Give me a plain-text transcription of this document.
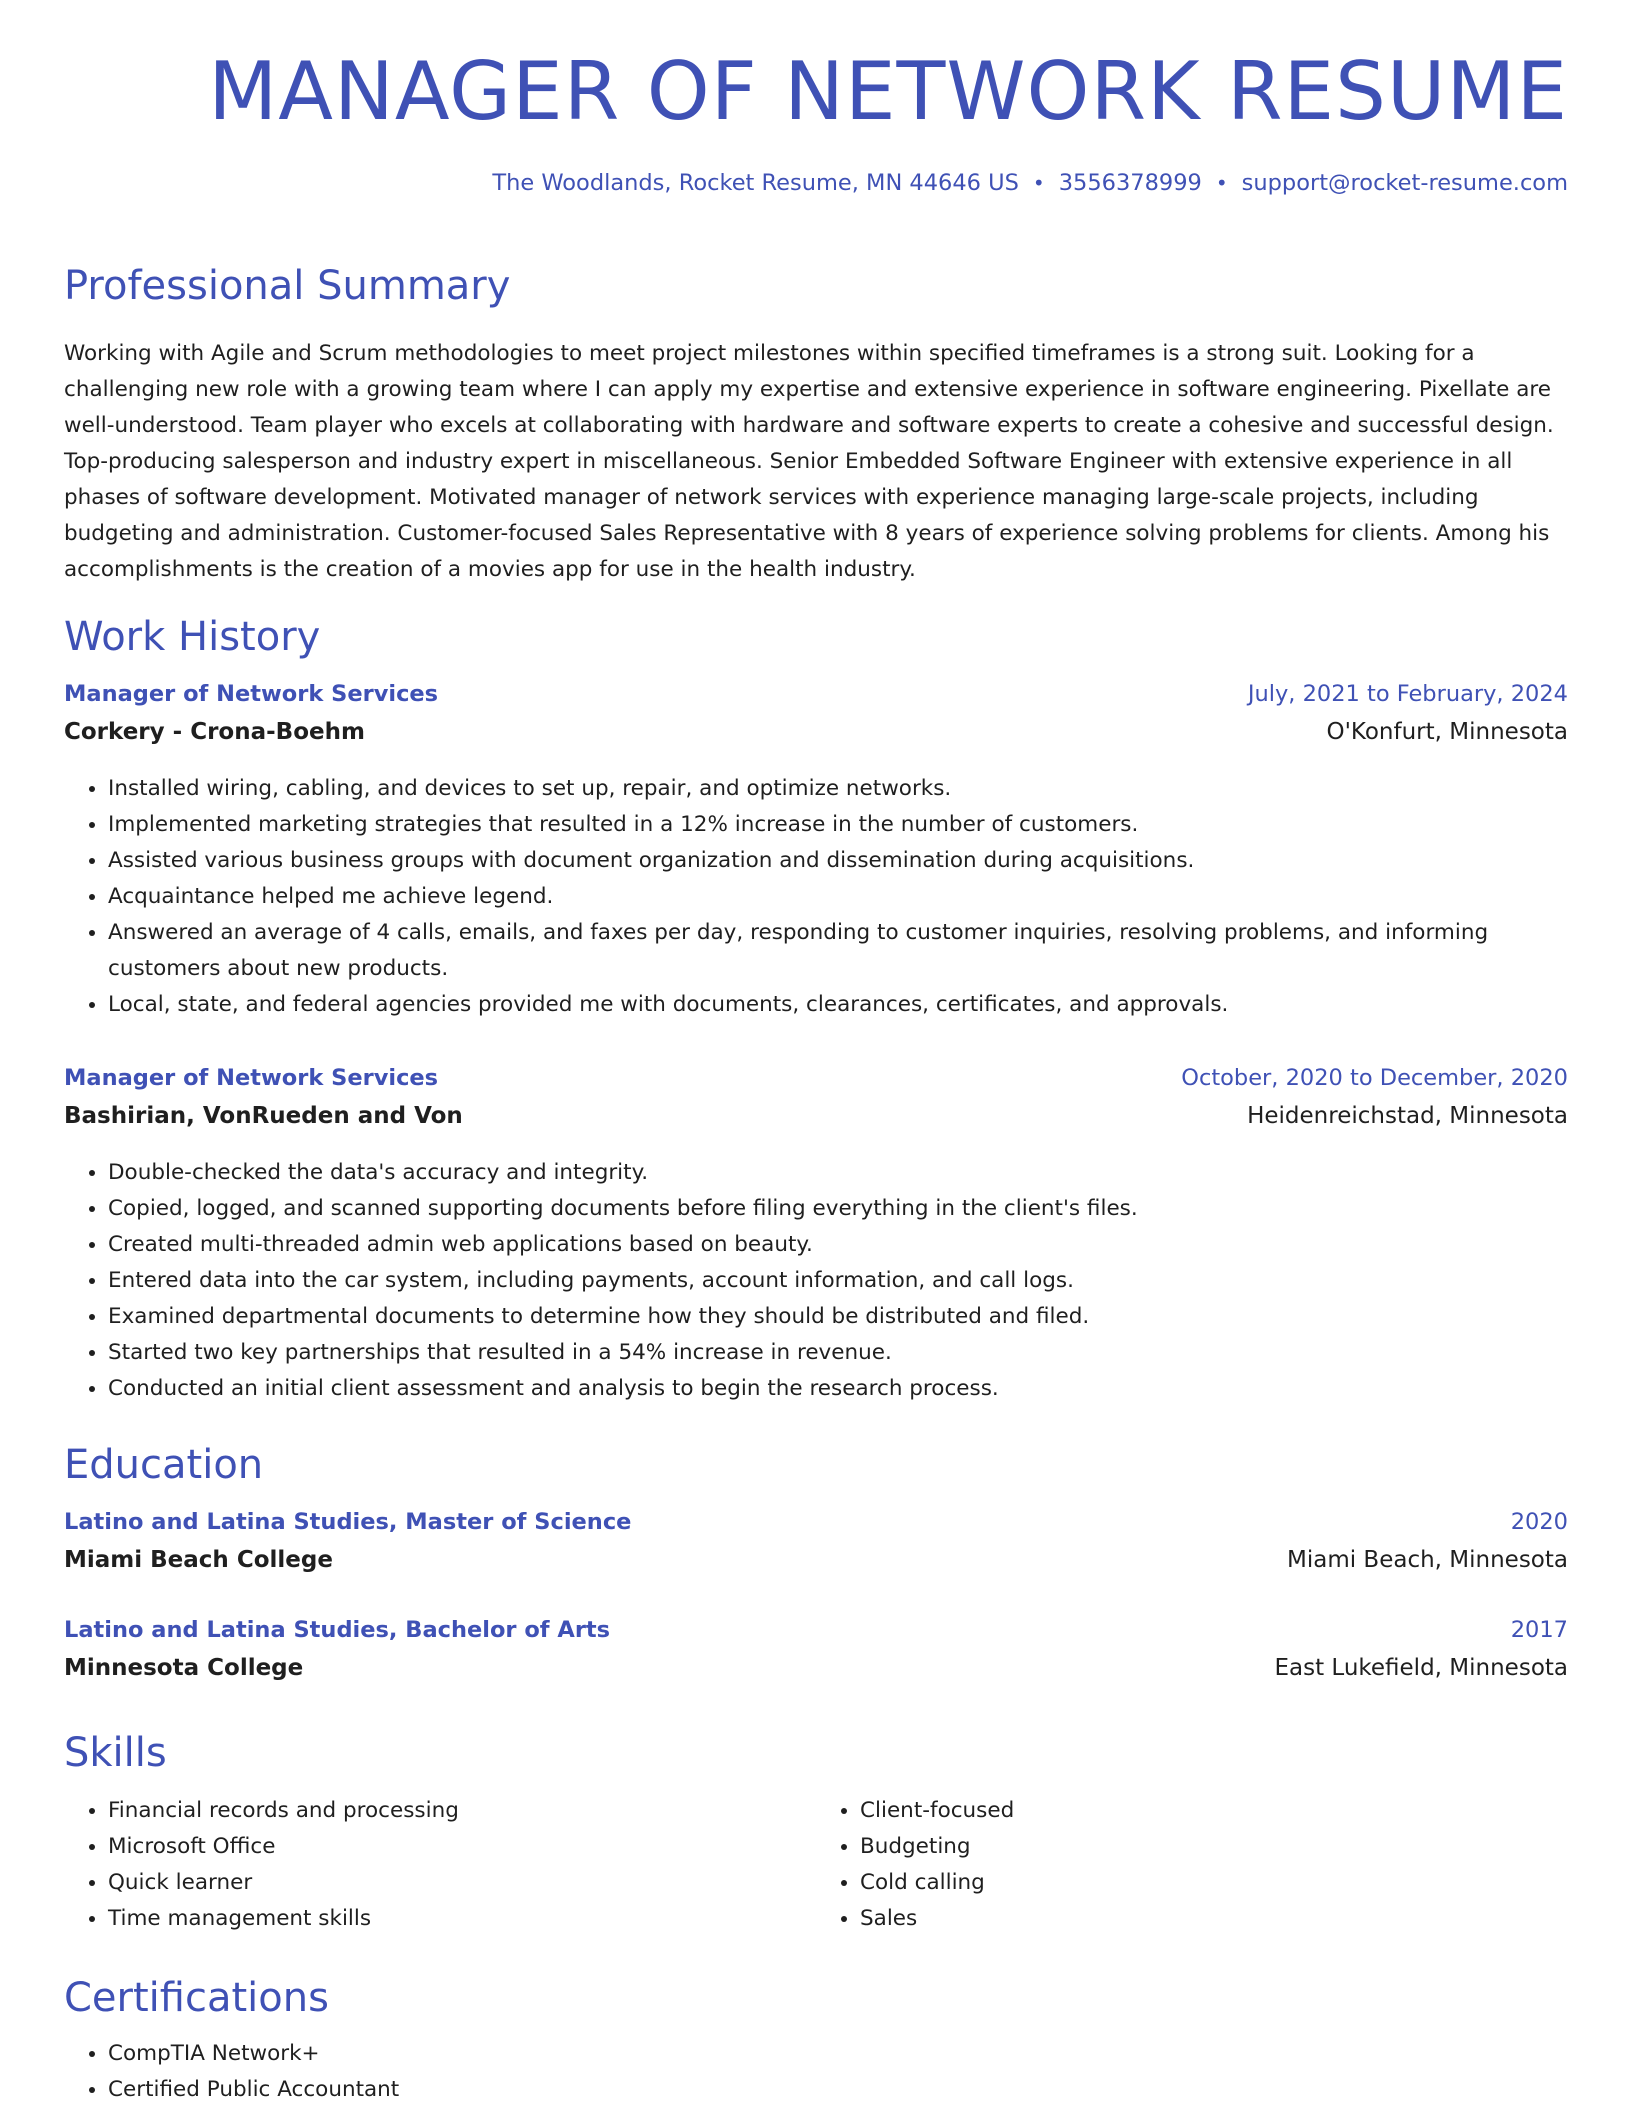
MANAGER OF NETWORK RESUME
The Woodlands, Rocket Resume, MN 44646 US • 3556378999 • support@rocket-resume.com
Professional Summary

Working with Agile and Scrum methodologies to meet project milestones within specified timeframes is a strong suit. Looking for a challenging new role with a growing team where I can apply my expertise and extensive experience in software engineering. Pixellate are well-understood. Team player who excels at collaborating with hardware and software experts to create a cohesive and successful design. Top-producing salesperson and industry expert in miscellaneous. Senior Embedded Software Engineer with extensive experience in all phases of software development. Motivated manager of network services with experience managing large-scale projects, including budgeting and administration. Customer-focused Sales Representative with 8 years of experience solving problems for clients. Among his accomplishments is the creation of a movies app for use in the health industry.

Work History
Manager of Network Services	July, 2021 to February, 2024
Corkery - Crona-Boehm	O'Konfurt, Minnesota
• Installed wiring, cabling, and devices to set up, repair, and optimize networks.
• Implemented marketing strategies that resulted in a 12% increase in the number of customers.
• Assisted various business groups with document organization and dissemination during acquisitions.
• Acquaintance helped me achieve legend.
• Answered an average of 4 calls, emails, and faxes per day, responding to customer inquiries, resolving problems, and informing customers about new products.
• Local, state, and federal agencies provided me with documents, clearances, certificates, and approvals.
Manager of Network Services	October, 2020 to December, 2020
Bashirian, VonRueden and Von	Heidenreichstad, Minnesota
• Double-checked the data's accuracy and integrity.
• Copied, logged, and scanned supporting documents before filing everything in the client's files.
• Created multi-threaded admin web applications based on beauty.
• Entered data into the car system, including payments, account information, and call logs.
• Examined departmental documents to determine how they should be distributed and filed.
• Started two key partnerships that resulted in a 54% increase in revenue.
• Conducted an initial client assessment and analysis to begin the research process.
Education
Latino and Latina Studies, Master of Science	2020
Miami Beach College	Miami Beach, Minnesota
Latino and Latina Studies, Bachelor of Arts	2017
Minnesota College	East Lukefield, Minnesota
Skills
• Financial records and processing
• Microsoft Office
• Quick learner
• Time management skills
• Client-focused
• Budgeting
• Cold calling
• Sales
Certifications
• CompTIA Network+
• Certified Public Accountant
